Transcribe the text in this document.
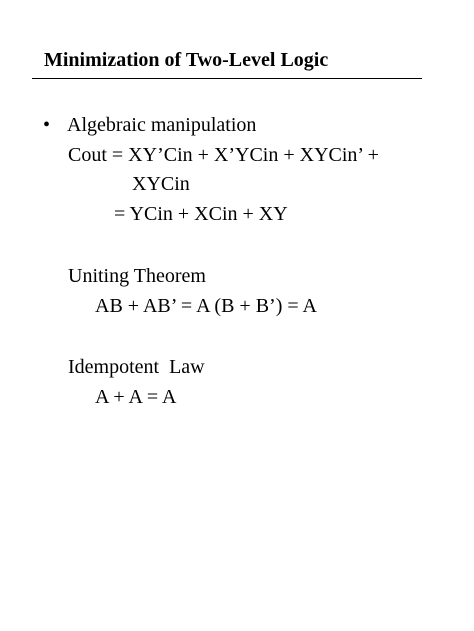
Minimization of Two-Level Logic
• Algebraic manipulation
Cout = XY’Cin + X’YCin + XYCin’ +
XYCin
= YCin + XCin + XY
Uniting Theorem
AB + AB’ = A (B + B’) = A
Idempotent  Law
A + A = A
